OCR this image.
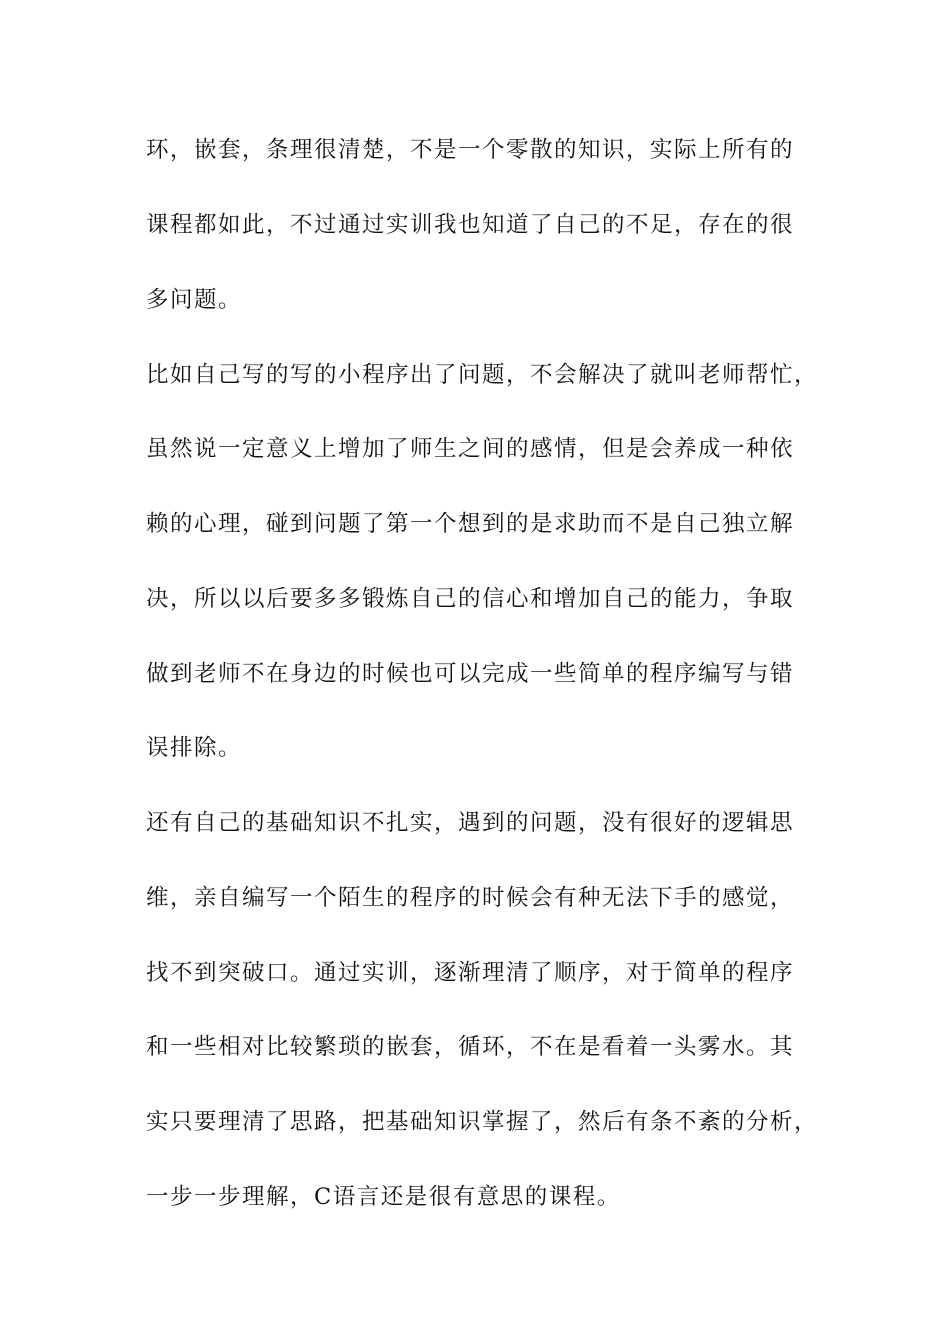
环，嵌套，条理很清楚，不是一个零散的知识，实际上所有的
课程都如此，不过通过实训我也知道了自己的不足，存在的很
多问题。
比如自己写的写的小程序出了问题，不会解决了就叫老师帮忙，
虽然说一定意义上增加了师生之间的感情，但是会养成一种依
赖的心理，碰到问题了第一个想到的是求助而不是自己独立解
决，所以以后要多多锻炼自己的信心和增加自己的能力，争取
做到老师不在身边的时候也可以完成一些简单的程序编写与错
误排除。
还有自己的基础知识不扎实，遇到的问题，没有很好的逻辑思
维，亲自编写一个陌生的程序的时候会有种无法下手的感觉，
找不到突破口。通过实训，逐渐理清了顺序，对于简单的程序
和一些相对比较繁琐的嵌套，循环，不在是看着一头雾水。其
实只要理清了思路，把基础知识掌握了，然后有条不紊的分析，
一步一步理解，C语言还是很有意思的课程。
